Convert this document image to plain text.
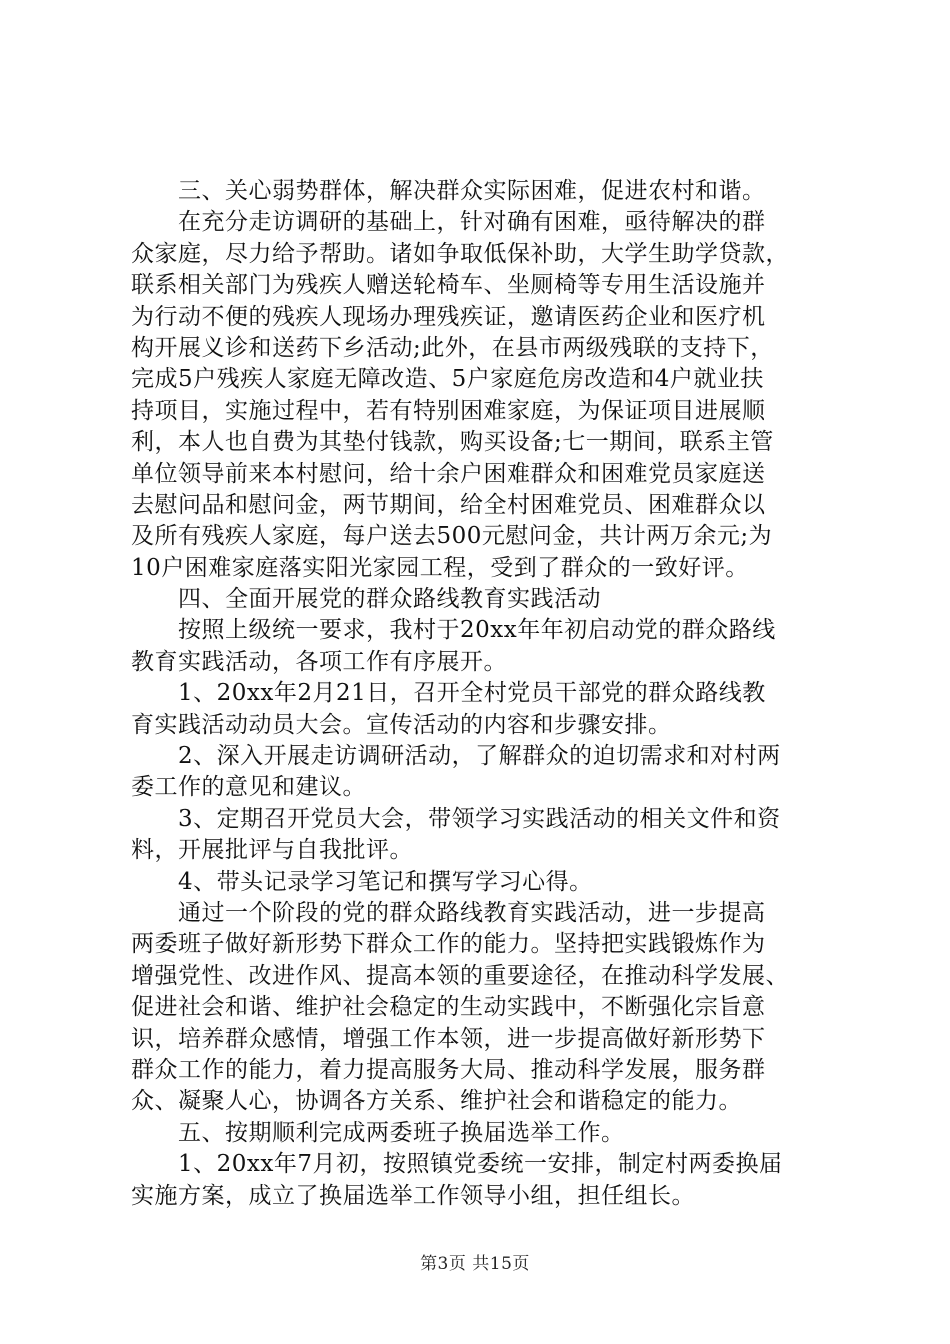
　　三、关心弱势群体，解决群众实际困难，促进农村和谐。
　　在充分走访调研的基础上，针对确有困难，亟待解决的群
众家庭，尽力给予帮助。诸如争取低保补助，大学生助学贷款，
联系相关部门为残疾人赠送轮椅车、坐厕椅等专用生活设施并
为行动不便的残疾人现场办理残疾证，邀请医药企业和医疗机
构开展义诊和送药下乡活动;此外，在县市两级残联的支持下，
完成5户残疾人家庭无障改造、5户家庭危房改造和4户就业扶
持项目，实施过程中，若有特别困难家庭，为保证项目进展顺
利，本人也自费为其垫付钱款，购买设备;七一期间，联系主管
单位领导前来本村慰问，给十余户困难群众和困难党员家庭送
去慰问品和慰问金，两节期间，给全村困难党员、困难群众以
及所有残疾人家庭，每户送去500元慰问金，共计两万余元;为
10户困难家庭落实阳光家园工程，受到了群众的一致好评。
　　四、全面开展党的群众路线教育实践活动
　　按照上级统一要求，我村于20xx年年初启动党的群众路线
教育实践活动，各项工作有序展开。
　　1、20xx年2月21日，召开全村党员干部党的群众路线教
育实践活动动员大会。宣传活动的内容和步骤安排。
　　2、深入开展走访调研活动，了解群众的迫切需求和对村两
委工作的意见和建议。
　　3、定期召开党员大会，带领学习实践活动的相关文件和资
料，开展批评与自我批评。
　　4、带头记录学习笔记和撰写学习心得。
　　通过一个阶段的党的群众路线教育实践活动，进一步提高
两委班子做好新形势下群众工作的能力。坚持把实践锻炼作为
增强党性、改进作风、提高本领的重要途径，在推动科学发展、
促进社会和谐、维护社会稳定的生动实践中，不断强化宗旨意
识，培养群众感情，增强工作本领，进一步提高做好新形势下
群众工作的能力，着力提高服务大局、推动科学发展，服务群
众、凝聚人心，协调各方关系、维护社会和谐稳定的能力。
　　五、按期顺利完成两委班子换届选举工作。
　　1、20xx年7月初，按照镇党委统一安排，制定村两委换届
实施方案，成立了换届选举工作领导小组，担任组长。
第3页 共15页
